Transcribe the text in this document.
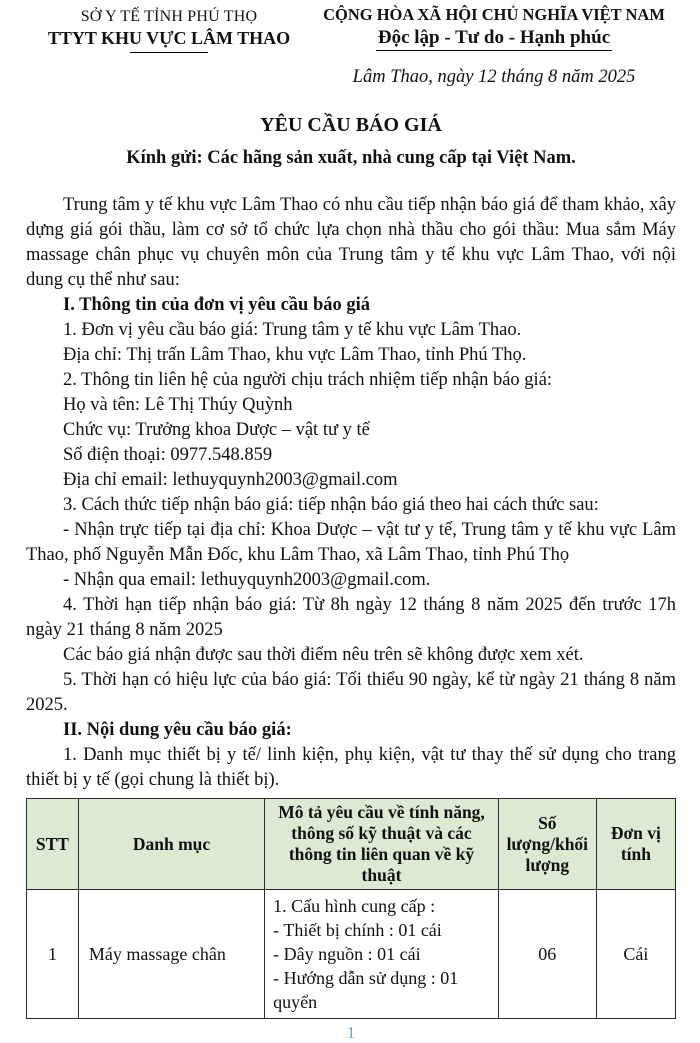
SỞ Y TẾ TỈNH PHÚ THỌ
TTYT KHU VỰC LÂM THAO
CỘNG HÒA XÃ HỘI CHỦ NGHĨA VIỆT NAM
Độc lập - Tư do - Hạnh phúc
Lâm Thao, ngày 12 tháng 8 năm 2025
YÊU CẦU BÁO GIÁ
Kính gửi: Các hãng sản xuất, nhà cung cấp tại Việt Nam.

Trung tâm y tế khu vực Lâm Thao có nhu cầu tiếp nhận báo giá để tham khảo, xây dựng giá gói thầu, làm cơ sở tổ chức lựa chọn nhà thầu cho gói thầu: Mua sắm Máy massage chân phục vụ chuyên môn của Trung tâm y tế khu vực Lâm Thao, với nội dung cụ thể như sau:

I. Thông tin của đơn vị yêu cầu báo giá

1. Đơn vị yêu cầu báo giá: Trung tâm y tế khu vực Lâm Thao.

Địa chỉ: Thị trấn Lâm Thao, khu vực Lâm Thao, tỉnh Phú Thọ.

2. Thông tin liên hệ của người chịu trách nhiệm tiếp nhận báo giá:

Họ và tên: Lê Thị Thúy Quỳnh

Chức vụ: Trưởng khoa Dược – vật tư y tế

Số điện thoại: 0977.548.859

Địa chỉ email: lethuyquynh2003@gmail.com

3. Cách thức tiếp nhận báo giá: tiếp nhận báo giá theo hai cách thức sau:

- Nhận trực tiếp tại địa chỉ: Khoa Dược – vật tư y tế, Trung tâm y tế khu vực Lâm Thao, phố Nguyễn Mẫn Đốc, khu Lâm Thao, xã Lâm Thao, tỉnh Phú Thọ

- Nhận qua email: lethuyquynh2003@gmail.com.

4. Thời hạn tiếp nhận báo giá: Từ 8h ngày 12 tháng 8 năm 2025 đến trước 17h ngày 21 tháng 8 năm 2025

Các báo giá nhận được sau thời điểm nêu trên sẽ không được xem xét.

5. Thời hạn có hiệu lực của báo giá: Tối thiểu 90 ngày, kể từ ngày 21 tháng 8 năm 2025.

II. Nội dung yêu cầu báo giá:

1. Danh mục thiết bị y tế/ linh kiện, phụ kiện, vật tư thay thế sử dụng cho trang thiết bị y tế (gọi chung là thiết bị).

STT	Danh mục	Mô tả yêu cầu về tính năng, thông số kỹ thuật và các thông tin liên quan về kỹ thuật	Số lượng/khối lượng	Đơn vị tính
1	Máy massage chân	1. Cấu hình cung cấp :
- Thiết bị chính : 01 cái
- Dây nguồn : 01 cái
- Hướng dẫn sử dụng : 01 quyển	06	Cái
1
